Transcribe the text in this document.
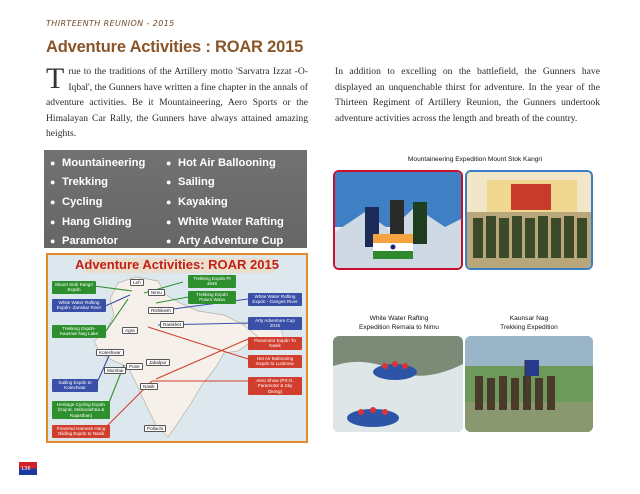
THIRTEENTH REUNION - 2015
Adventure Activities : ROAR 2015
True to the traditions of the Artillery motto 'Sarvatra Izzat -O-Iqbal', the Gunners have written a fine chapter in the annals of adventure activities. Be it Mountaineering, Aero Sports or the Himalayan Car Rally, the Gunners have always attained amazing heights.
In addition to excelling on the battlefield, the Gunners have displayed an unquenchable thirst for adventure. In the year of the Thirteen Regiment of Artillery Reunion, the Gunners undertook adventure activities across the length and breath of the country.
● Mountaineering
● Trekking
● Cycling
● Hang Gliding
● Paramotor
● Hot Air Ballooning
● Sailing
● Kayaking
● White Water Rafting
● Arty Adventure Cup
Adventure Activities: ROAR 2015
Leh
Nimu
Rishikesh
Ranikhet
Agra
Jabalpur
Koteshwar
Pune
Mumbai
Nasik
Pollachi
Mount Stok Kangri Expdn
White Water Rafting Expdn- Zanskar River
Trekking Expdn- Kausnar Nag Lake
Trekking Expdn Pt 4846
Trekking Expdn Pulum Wasa
White Water Rafting Expdn - Ganges River
Arty Adventure Cup 2015
Paramotor Expdn To Nasik
Hot Air Ballooning Expdn to Lucknow
Aero Show (Prt-G, Paramotor & Sky Diving)
Sailing Expdn to Kotechwar
Heritage Cycling Expdn (Gujrat, Maharashtra & Rajasthan)
Powered Harness Hang Gliding Expdn to Nasik
Mountaineering Expedition Mount Stok Kangri
White Water Rafting
Expedition Remala to Nimu
Kaunsar Nag
Trekking Expedition
136
